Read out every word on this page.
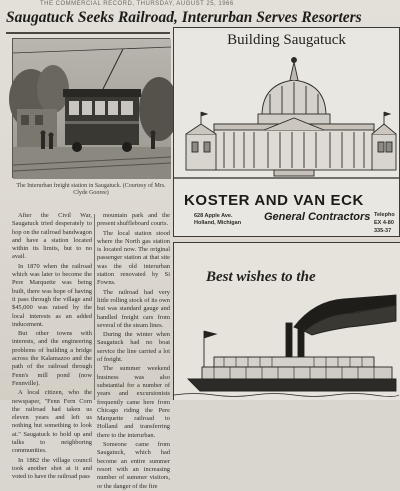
THE COMMERCIAL RECORD, THURSDAY, AUGUST 25, 1966
Saugatuck Seeks Railroad, Interurban Serves Resorters
The Interurban freight station in Saugatuck. (Courtesy of Mrs. Clyde Gooree)

After the Civil War, Saugatuck tried desperately to hop on the railroad bandwagon and have a station located within its limits, but to no avail.

In 1870 when the railroad which was later to become the Pere Marquette was being built, there was hope of having it pass through the village and $45,000 was raised by the local interests as an added inducement.

But other towns with interests, and the engineering problems of building a bridge across the Kalamazoo and the path of the railroad through Fenn's mill pond (now Fennville).

A local citizen, who the newspaper, "Fenn Fern Corn the railroad had taken us eleven years and left us nothing but something to look at." Saugatuck to hold up and talks to neighboring communities.

In 1882 the village council took another shot at it and voted to have the railroad pass

mountain park and the present shuffleboard courts.

The local station stood where the North gas station is located now. The original passenger station at that site was the old interurban station renovated by Si Fowns.

The railroad had very little rolling stock of its own but was standard gauge and handled freight cars from several of the steam lines.

During the winter when Saugatuck had no boat service the line carried a lot of freight.

The summer weekend business was also substantial for a number of years and excursionists frequently came here from Chicago riding the Pere Marquette railroad to Holland and transferring there to the interurban.

Someone came from Saugatuck, which had become an entire summer resort with an increasing number of summer visitors, or the danger of the fire

Building Saugatuck
KOSTER AND VAN ECK
628 Apple Ave.
Holland, Michigan General Contractors Telepho
EX 4-80
335-37
Best wishes to the
